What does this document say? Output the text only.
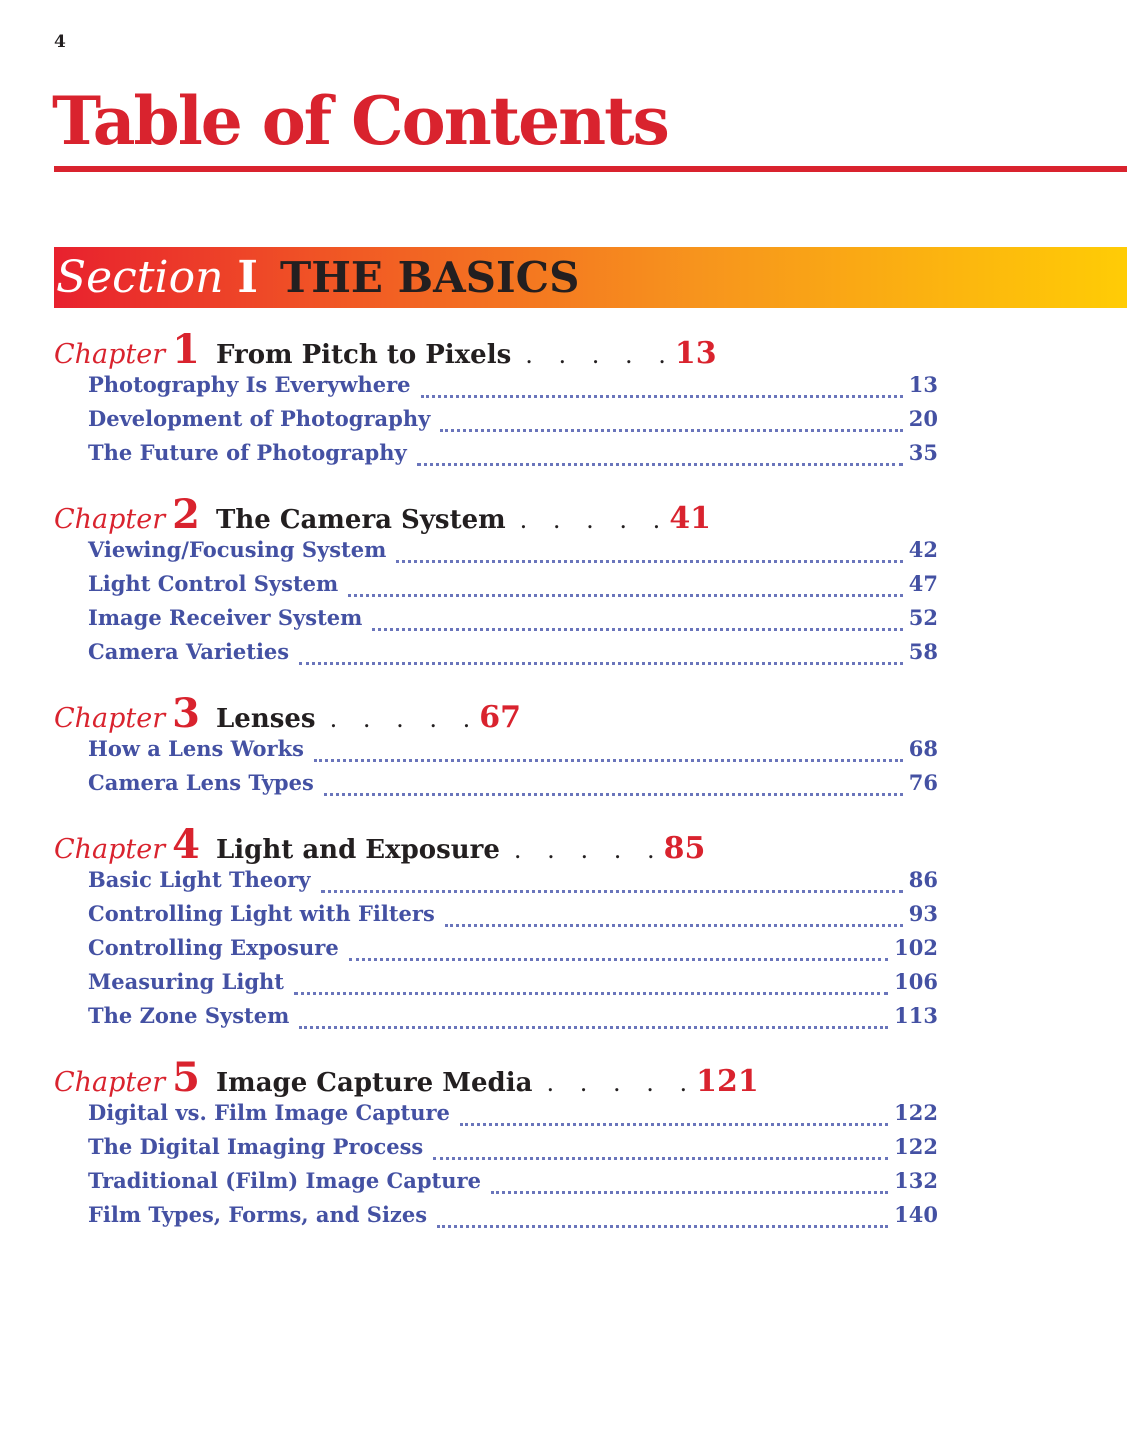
4
Table of Contents
Section I THE BASICS
Chapter 1 From Pitch to Pixels . . . . . 13
Photography Is Everywhere	13
Development of Photography	20
The Future of Photography	35
Chapter 2 The Camera System . . . . . 41
Viewing/Focusing System	42
Light Control System	47
Image Receiver System	52
Camera Varieties	58
Chapter 3 Lenses . . . . . 67
How a Lens Works	68
Camera Lens Types	76
Chapter 4 Light and Exposure . . . . . 85
Basic Light Theory	86
Controlling Light with Filters	93
Controlling Exposure	102
Measuring Light	106
The Zone System	113
Chapter 5 Image Capture Media . . . . . 121
Digital vs. Film Image Capture	122
The Digital Imaging Process	122
Traditional (Film) Image Capture	132
Film Types, Forms, and Sizes	140
